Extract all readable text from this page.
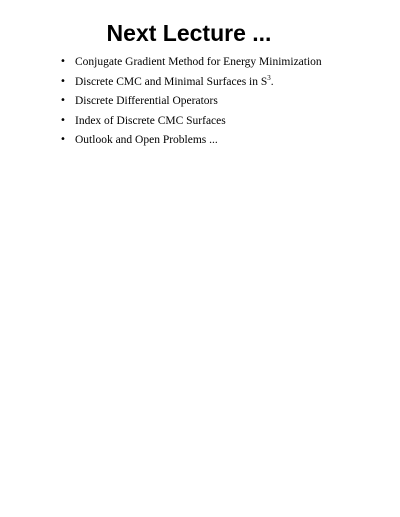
Next Lecture ...
• Conjugate Gradient Method for Energy Minimization
• Discrete CMC and Minimal Surfaces in $S^3$.
• Discrete Differential Operators
• Index of Discrete CMC Surfaces
• Outlook and Open Problems ...
